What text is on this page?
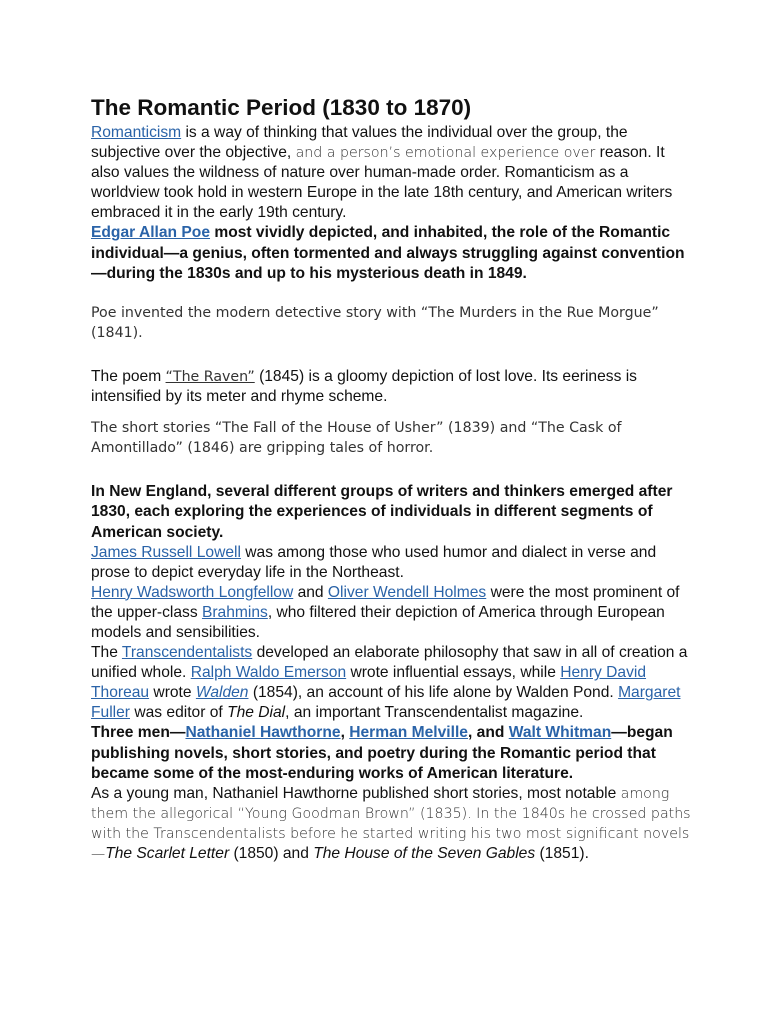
The Romantic Period (1830 to 1870)

Romanticism is a way of thinking that values the individual over the group, the subjective over the objective, and a person’s emotional experience over reason. It also values the wildness of nature over human-made order. Romanticism as a worldview took hold in western Europe in the late 18th century, and American writers embraced it in the early 19th century.

Edgar Allan Poe most vividly depicted, and inhabited, the role of the Romantic individual—a genius, often tormented and always struggling against convention—during the 1830s and up to his mysterious death in 1849.

Poe invented the modern detective story with “The Murders in the Rue Morgue” (1841).

The poem “The Raven” (1845) is a gloomy depiction of lost love. Its eeriness is intensified by its meter and rhyme scheme.

The short stories “The Fall of the House of Usher” (1839) and “The Cask of Amontillado” (1846) are gripping tales of horror.

In New England, several different groups of writers and thinkers emerged after 1830, each exploring the experiences of individuals in different segments of American society.

James Russell Lowell was among those who used humor and dialect in verse and prose to depict everyday life in the Northeast.

Henry Wadsworth Longfellow and Oliver Wendell Holmes were the most prominent of the upper-class Brahmins, who filtered their depiction of America through European models and sensibilities.

The Transcendentalists developed an elaborate philosophy that saw in all of creation a unified whole. Ralph Waldo Emerson wrote influential essays, while Henry David Thoreau wrote Walden (1854), an account of his life alone by Walden Pond. Margaret Fuller was editor of The Dial, an important Transcendentalist magazine.

Three men—Nathaniel Hawthorne, Herman Melville, and Walt Whitman—began publishing novels, short stories, and poetry during the Romantic period that became some of the most-enduring works of American literature.

As a young man, Nathaniel Hawthorne published short stories, most notable among them the allegorical “Young Goodman Brown” (1835). In the 1840s he crossed paths with the Transcendentalists before he started writing his two most significant novels—The Scarlet Letter (1850) and The House of the Seven Gables (1851).
